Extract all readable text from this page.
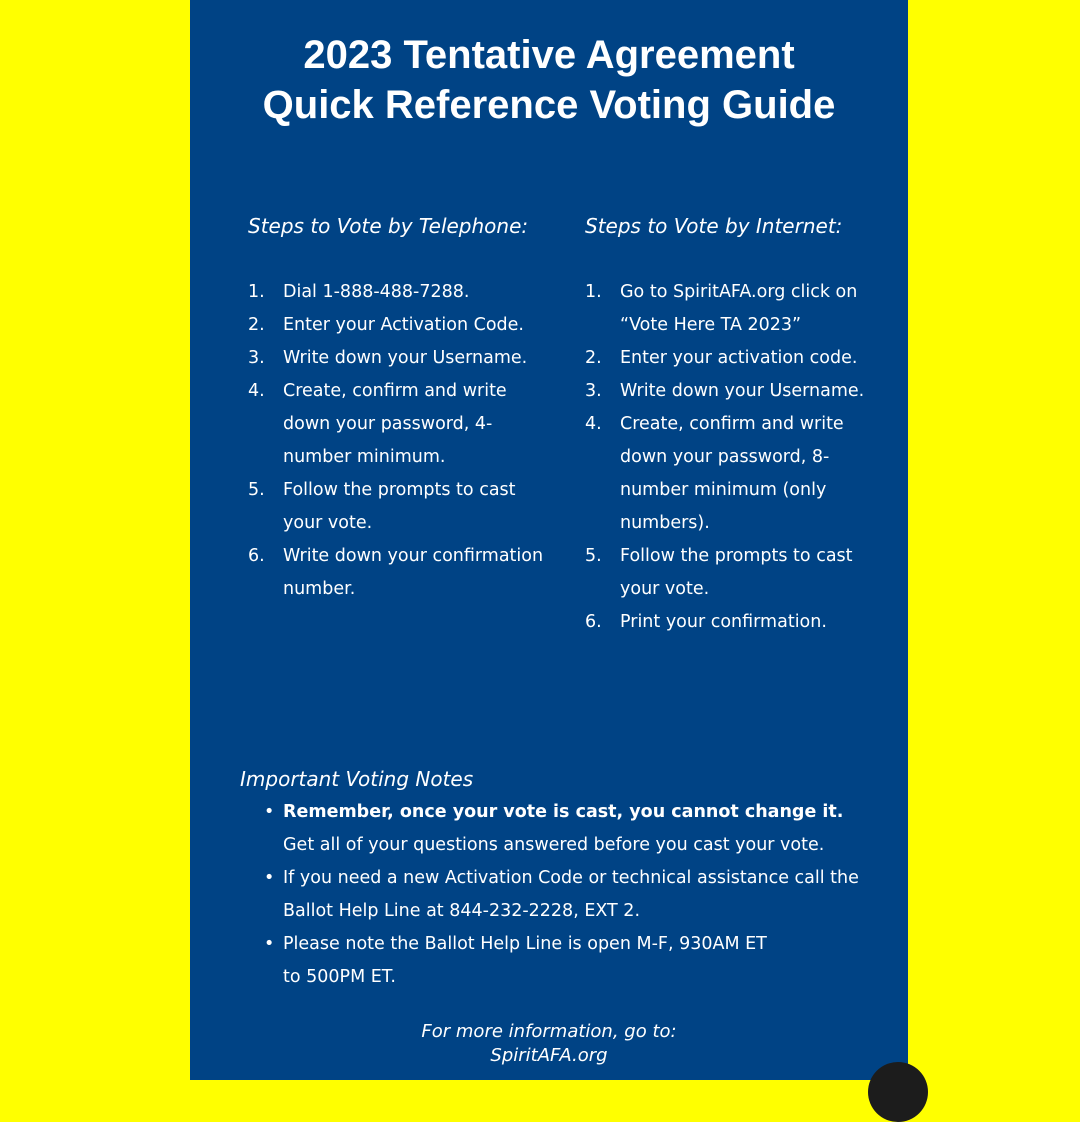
2023 Tentative Agreement
Quick Reference Voting Guide

Steps to Vote by Telephone:

1. Dial 1-888-488-7288.
2. Enter your Activation Code.
3. Write down your Username.
4. Create, confirm and write down your password, 4-number minimum.
5. Follow the prompts to cast your vote.
6. Write down your confirmation number.

Steps to Vote by Internet:

1. Go to SpiritAFA.org click on “Vote Here TA 2023”
2. Enter your activation code.
3. Write down your Username.
4. Create, confirm and write down your password, 8-number minimum (only numbers).
5. Follow the prompts to cast your vote.
6. Print your confirmation.

Important Voting Notes

• Remember, once your vote is cast, you cannot change it.
Get all of your questions answered before you cast your vote.
• If you need a new Activation Code or technical assistance call the Ballot Help Line at 844-232-2228, EXT 2.
• Please note the Ballot Help Line is open M-F, 930AM ET to 500PM ET.
For more information, go to:
SpiritAFA.org
